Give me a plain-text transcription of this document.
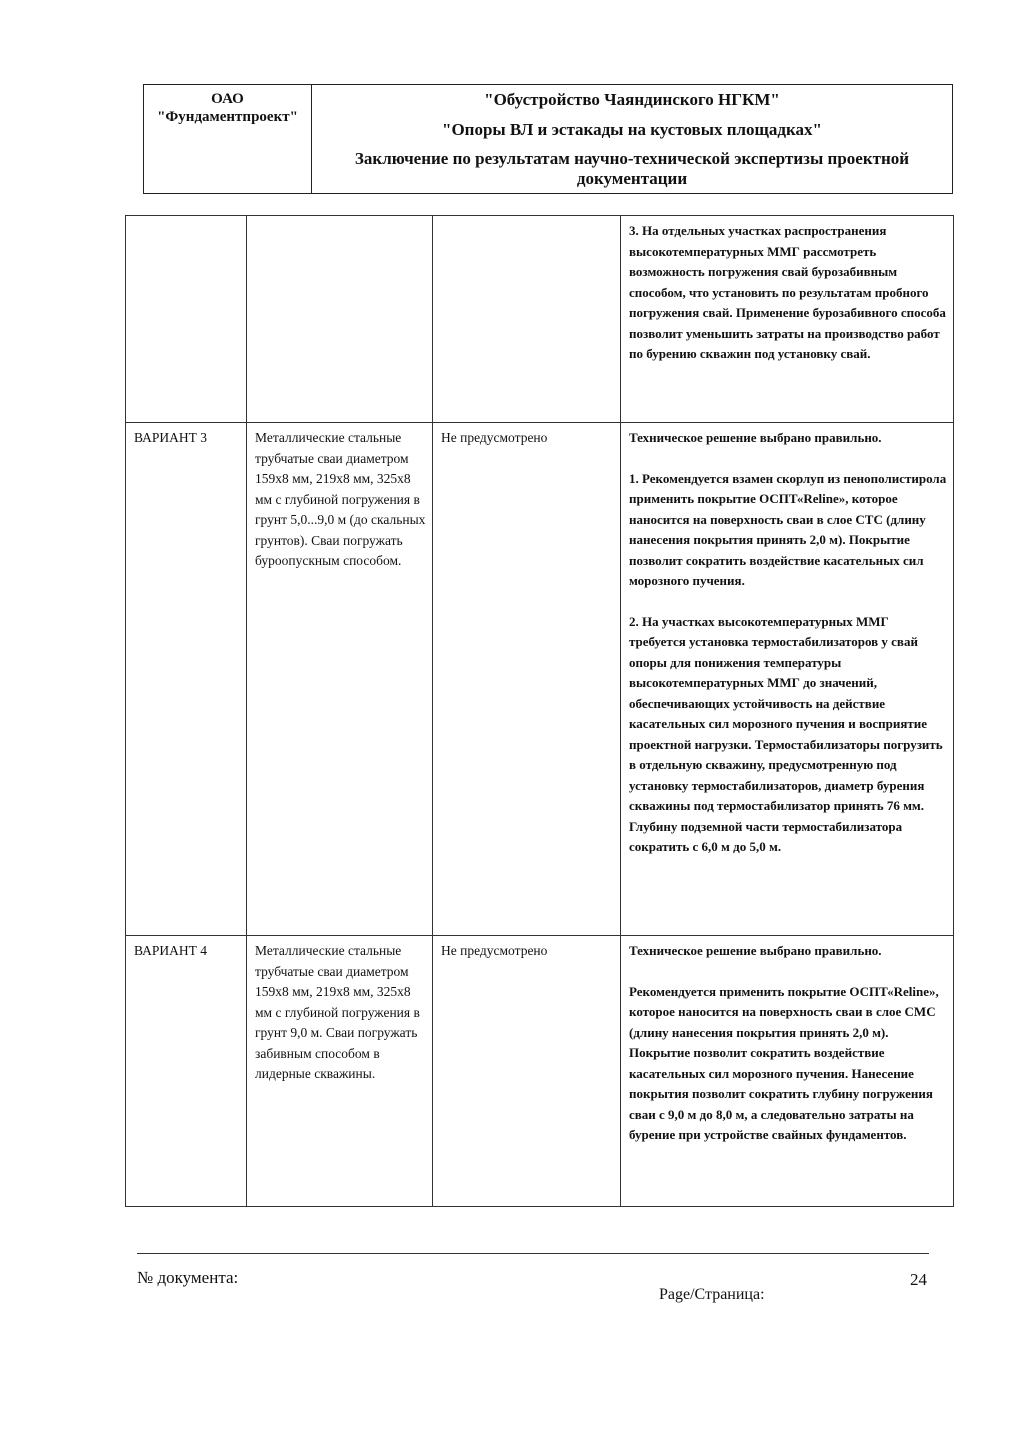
ОАО
"Фундаментпроект"
"Обустройство Чаяндинского НГКМ"
"Опоры ВЛ и эстакады на кустовых площадках"
Заключение по результатам научно-технической экспертизы проектной документации

			3. На отдельных участках распространения высокотемпературных ММГ рассмотреть возможность погружения свай бурозабивным способом, что установить по результатам пробного погружения свай. Применение бурозабивного способа позволит уменьшить затраты на производство работ по бурению скважин под установку свай.

ВАРИАНТ 3	Металлические стальные трубчатые сваи диаметром 159х8 мм, 219х8 мм, 325х8 мм с глубиной погружения в грунт 5,0...9,0 м (до скальных грунтов). Сваи погружать буроопускным способом.	Не предусмотрено	Техническое решение выбрано правильно.

1. Рекомендуется взамен скорлуп из пенополистирола применить покрытие ОСПТ«Reline», которое наносится на поверхность сваи в слое СТС (длину нанесения покрытия принять 2,0 м). Покрытие позволит сократить воздействие касательных сил морозного пучения.

2. На участках высокотемпературных ММГ требуется установка термостабилизаторов у свай опоры для понижения температуры высокотемпературных ММГ до значений, обеспечивающих устойчивость на действие касательных сил морозного пучения и восприятие проектной нагрузки. Термостабилизаторы погрузить в отдельную скважину, предусмотренную под установку термостабилизаторов, диаметр бурения скважины под термостабилизатор принять 76 мм. Глубину подземной части термостабилизатора сократить с 6,0 м до 5,0 м.

ВАРИАНТ 4	Металлические стальные трубчатые сваи диаметром 159х8 мм, 219х8 мм, 325х8 мм с глубиной погружения в грунт 9,0 м. Сваи погружать забивным способом в лидерные скважины.	Не предусмотрено	Техническое решение выбрано правильно.

Рекомендуется применить покрытие ОСПТ«Reline», которое наносится на поверхность сваи в слое СМС (длину нанесения покрытия принять 2,0 м). Покрытие позволит сократить воздействие касательных сил морозного пучения. Нанесение покрытия позволит сократить глубину погружения сваи с 9,0 м до 8,0 м, а следовательно затраты на бурение при устройстве свайных фундаментов.

№ документа:
Page/Страница:
24
